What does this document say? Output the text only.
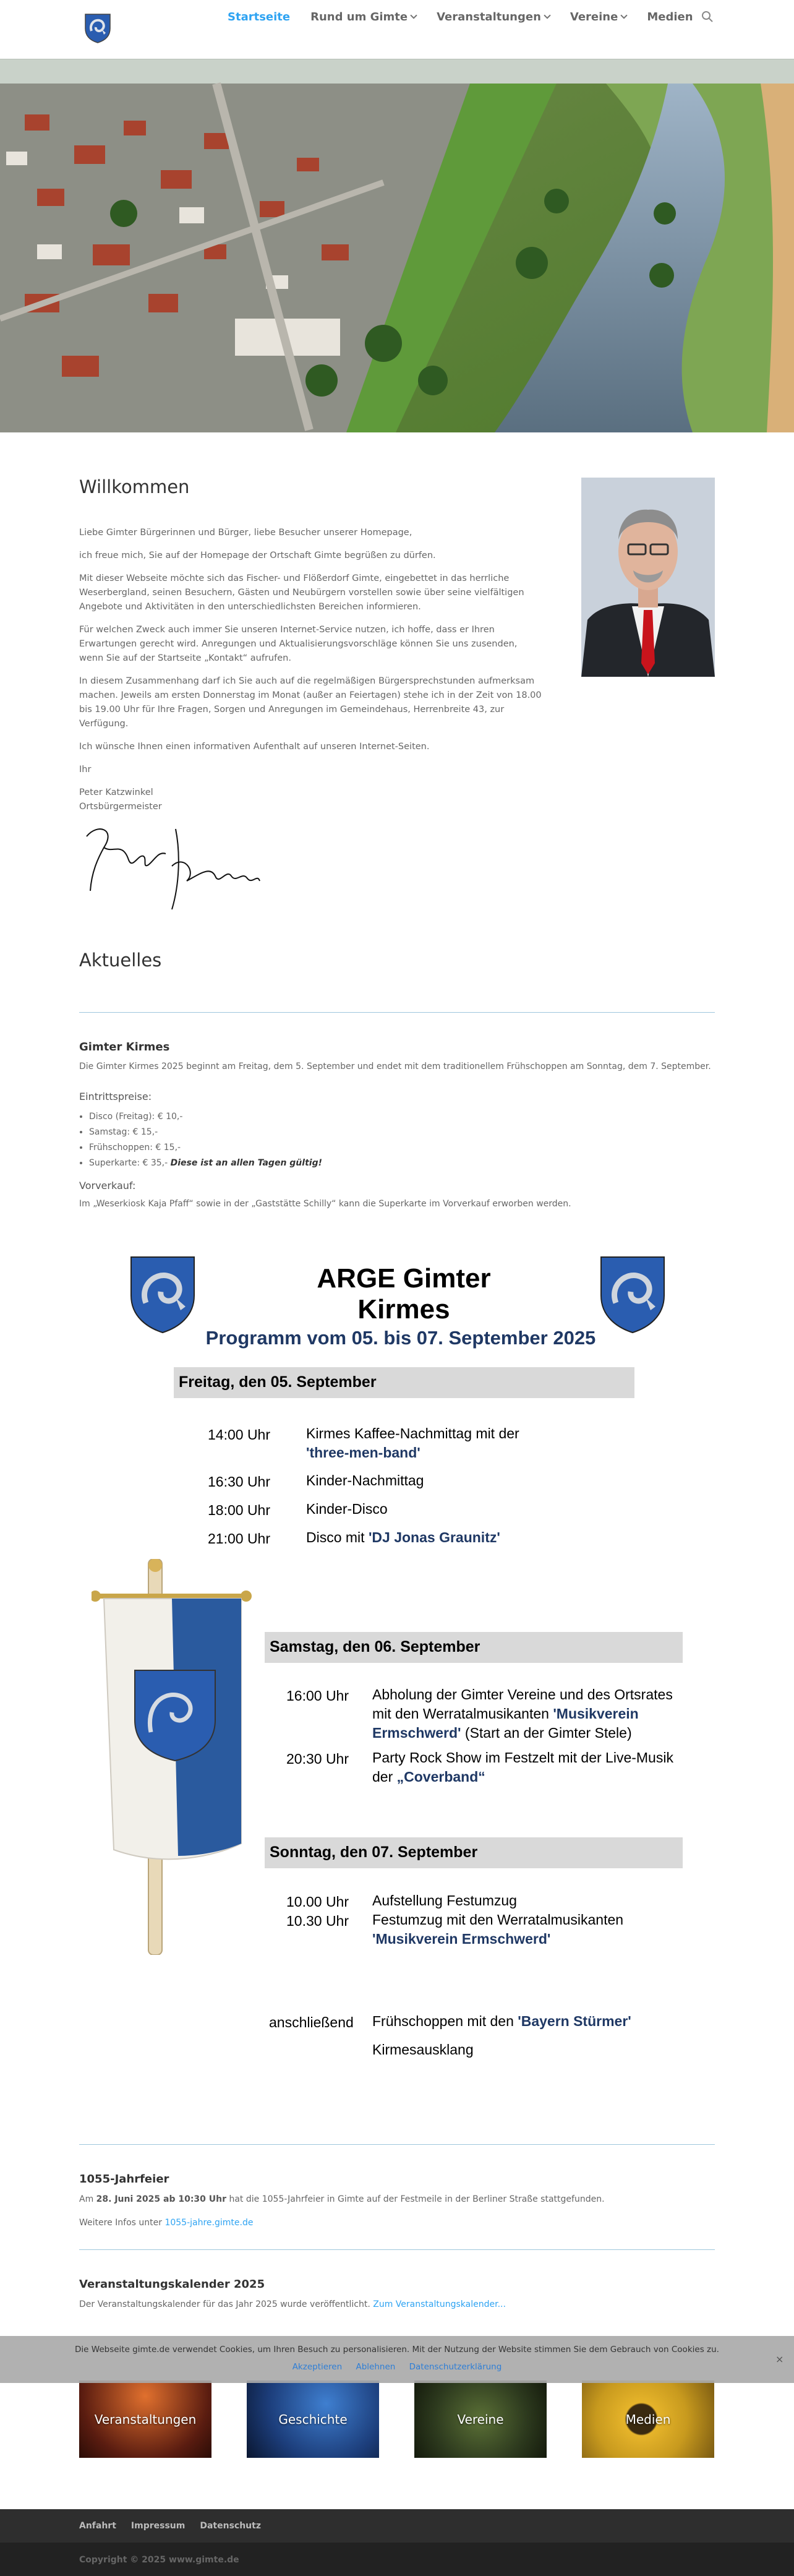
Startseite Rund um Gimte	Veranstaltungen	Vereine	Medien
Willkommen

Liebe Gimter Bürgerinnen und Bürger, liebe Besucher unserer Homepage,

ich freue mich, Sie auf der Homepage der Ortschaft Gimte begrüßen zu dürfen.

Mit dieser Webseite möchte sich das Fischer- und Flößerdorf Gimte, eingebettet in das herrliche Weserbergland, seinen Besuchern, Gästen und Neubürgern vorstellen sowie über seine vielfältigen Angebote und Aktivitäten in den unterschiedlichsten Bereichen informieren.

Für welchen Zweck auch immer Sie unseren Internet-Service nutzen, ich hoffe, dass er Ihren Erwartungen gerecht wird. Anregungen und Aktualisierungsvorschläge können Sie uns zusenden, wenn Sie auf der Startseite „Kontakt“ aufrufen.

In diesem Zusammenhang darf ich Sie auch auf die regelmäßigen Bürgersprechstunden aufmerksam machen. Jeweils am ersten Donnerstag im Monat (außer an Feiertagen) stehe ich in der Zeit von 18.00 bis 19.00 Uhr für Ihre Fragen, Sorgen und Anregungen im Gemeindehaus, Herrenbreite 43, zur Verfügung.

Ich wünsche Ihnen einen informativen Aufenthalt auf unseren Internet-Seiten.

Ihr

Peter Katzwinkel

Ortsbürgermeister

Aktuelles
Gimter Kirmes
Die Gimter Kirmes 2025 beginnt am Freitag, dem 5. September und endet mit dem traditionellem Frühschoppen am Sonntag, dem 7. September.
Eintrittspreise:
• Disco (Freitag): € 10,-
• Samstag: € 15,-
• Frühschoppen: € 15,-
• Superkarte: € 35,- Diese ist an allen Tagen gültig!
Vorverkauf:
Im „Weserkiosk Kaja Pfaff“ sowie in der „Gaststätte Schilly“ kann die Superkarte im Vorverkauf erworben werden.
ARGE Gimter Kirmes
Programm vom 05. bis 07. September 2025
Freitag, den 05. September
14:00 Uhr	Kirmes Kaffee-Nachmittag mit der
'three-men-band'
16:30 Uhr	Kinder-Nachmittag
18:00 Uhr	Kinder-Disco
21:00 Uhr	Disco mit 'DJ Jonas Graunitz'
Samstag, den 06. September
16:00 Uhr Abholung der Gimter Vereine und des Ortsrates mit den Werratalmusikanten 'Musikverein Ermschwerd' (Start an der Gimter Stele)
20:30 Uhr Party Rock Show im Festzelt mit der Live-Musik der „Coverband“
Sonntag, den 07. September
10.00 Uhr Aufstellung Festumzug
10.30 Uhr Festumzug mit den Werratalmusikanten
'Musikverein Ermschwerd'
anschließend Frühschoppen mit den 'Bayern Stürmer'
Kirmesausklang
1055-Jahrfeier
Am 28. Juni 2025 ab 10:30 Uhr hat die 1055-Jahrfeier in Gimte auf der Festmeile in der Berliner Straße stattgefunden.
Weitere Infos unter 1055-jahre.gimte.de
Veranstaltungskalender 2025
Der Veranstaltungskalender für das Jahr 2025 wurde veröffentlicht. Zum Veranstaltungskalender...
Veranstaltungen	Geschichte	Vereine	Medien
Die Webseite gimte.de verwendet Cookies, um Ihren Besuch zu personalisieren. Mit der Nutzung der Website stimmen Sie dem Gebrauch von Cookies zu.
Akzeptieren Ablehnen Datenschutzerklärung
×
Anfahrt Impressum Datenschutz
Copyright © 2025 www.gimte.de
